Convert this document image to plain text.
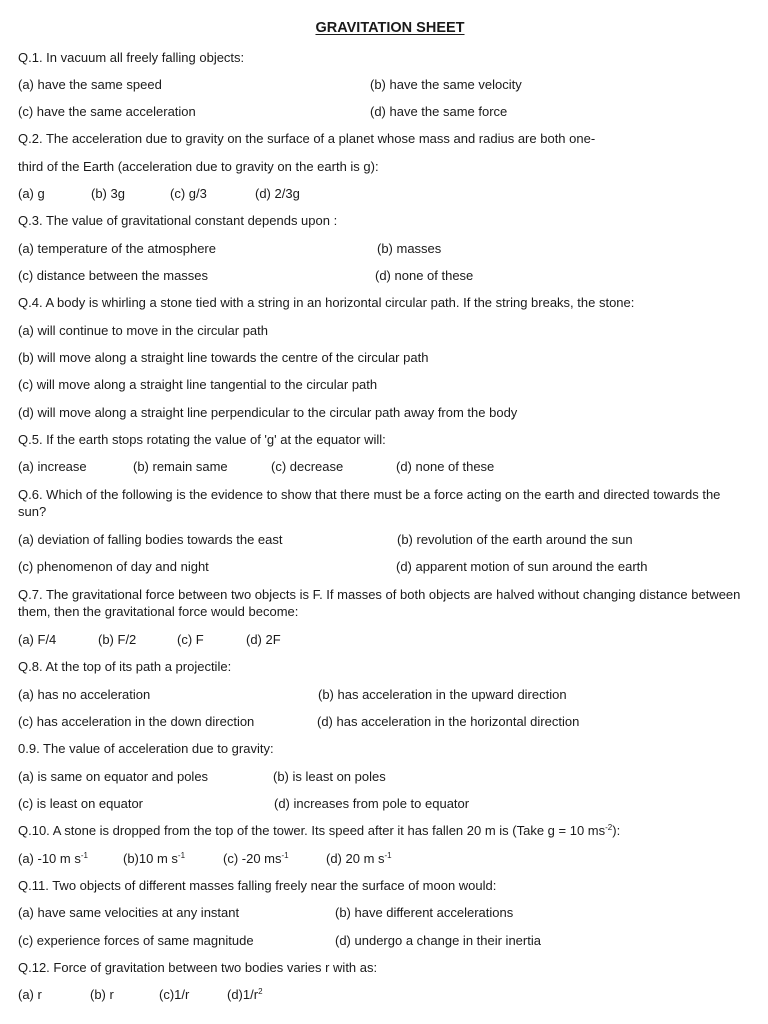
GRAVITATION SHEET
Q.1. In vacuum all freely falling objects:
(a) have the same speed	(b) have the same velocity
(c) have the same acceleration	(d) have the same force
Q.2. The acceleration due to gravity on the surface of a planet whose mass and radius are both one-
third of the Earth (acceleration due to gravity on the earth is g):
(a) g	(b) 3g	(c) g/3	(d) 2/3g
Q.3. The value of gravitational constant depends upon :
(a) temperature of the atmosphere	(b) masses
(c) distance between the masses	(d) none of these
Q.4. A body is whirling a stone tied with a string in an horizontal circular path. If the string breaks, the stone:
(a) will continue to move in the circular path
(b) will move along a straight line towards the centre of the circular path
(c) will move along a straight line tangential to the circular path
(d) will move along a straight line perpendicular to the circular path away from the body
Q.5. If the earth stops rotating the value of 'g' at the equator will:
(a) increase	(b) remain same	(c) decrease	(d) none of these
Q.6. Which of the following is the evidence to show that there must be a force acting on the earth and directed towards the
sun?
(a) deviation of falling bodies towards the east	(b) revolution of the earth around the sun
(c) phenomenon of day and night	(d) apparent motion of sun around the earth
Q.7. The gravitational force between two objects is F. If masses of both objects are halved without changing distance between
them, then the gravitational force would become:
(a) F/4	(b) F/2	(c) F	(d) 2F
Q.8. At the top of its path a projectile:
(a) has no acceleration	(b) has acceleration in the upward direction
(c) has acceleration in the down direction	(d) has acceleration in the horizontal direction
0.9. The value of acceleration due to gravity:
(a) is same on equator and poles	(b) is least on poles
(c) is least on equator	(d) increases from pole to equator
Q.10. A stone is dropped from the top of the tower. Its speed after it has fallen 20 m is (Take g = 10 $ms^{-2}$):
(a) -10 m $s^{-1}$	(b)10 m $s^{-1}$	(c) -20 $ms^{-1}$	(d) 20 m $s^{-1}$
Q.11. Two objects of different masses falling freely near the surface of moon would:
(a) have same velocities at any instant	(b) have different accelerations
(c) experience forces of same magnitude	(d) undergo a change in their inertia
Q.12. Force of gravitation between two bodies varies r with as:
(a) r	(b) r	(c)1/r	$(d)1/r^2$
